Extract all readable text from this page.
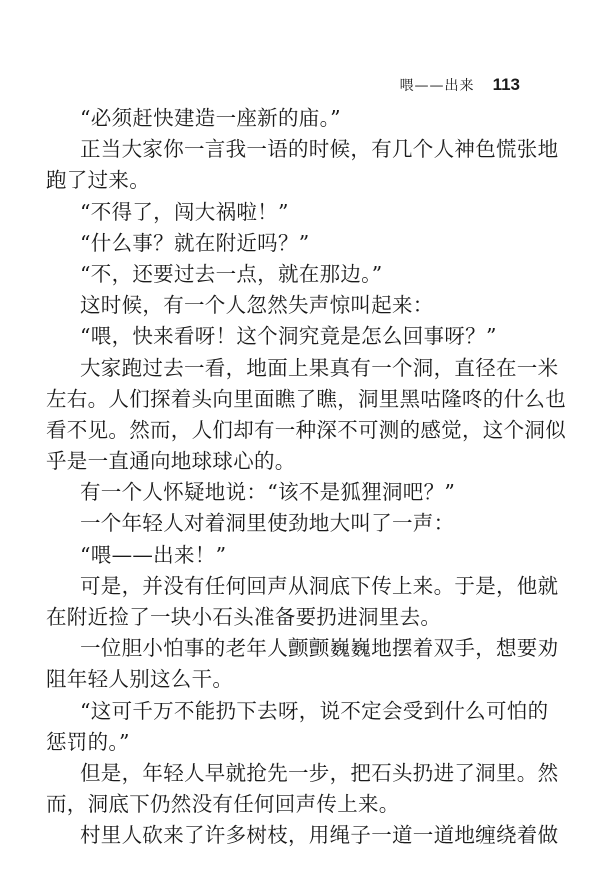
喂——出来 113
“必须赶快建造一座新的庙。”
正当大家你一言我一语的时候，有几个人神色慌张地
跑了过来。
“不得了，闯大祸啦！”
“什么事？就在附近吗？”
“不，还要过去一点，就在那边。”
这时候，有一个人忽然失声惊叫起来：
“喂，快来看呀！这个洞究竟是怎么回事呀？”
大家跑过去一看，地面上果真有一个洞，直径在一米
左右。人们探着头向里面瞧了瞧，洞里黑咕隆咚的什么也
看不见。然而，人们却有一种深不可测的感觉，这个洞似
乎是一直通向地球球心的。
有一个人怀疑地说：“该不是狐狸洞吧？”
一个年轻人对着洞里使劲地大叫了一声：
“喂——出来！”
可是，并没有任何回声从洞底下传上来。于是，他就
在附近捡了一块小石头准备要扔进洞里去。
一位胆小怕事的老年人颤颤巍巍地摆着双手，想要劝
阻年轻人别这么干。
“这可千万不能扔下去呀，说不定会受到什么可怕的
惩罚的。”
但是，年轻人早就抢先一步，把石头扔进了洞里。然
而，洞底下仍然没有任何回声传上来。
村里人砍来了许多树枝，用绳子一道一道地缠绕着做
